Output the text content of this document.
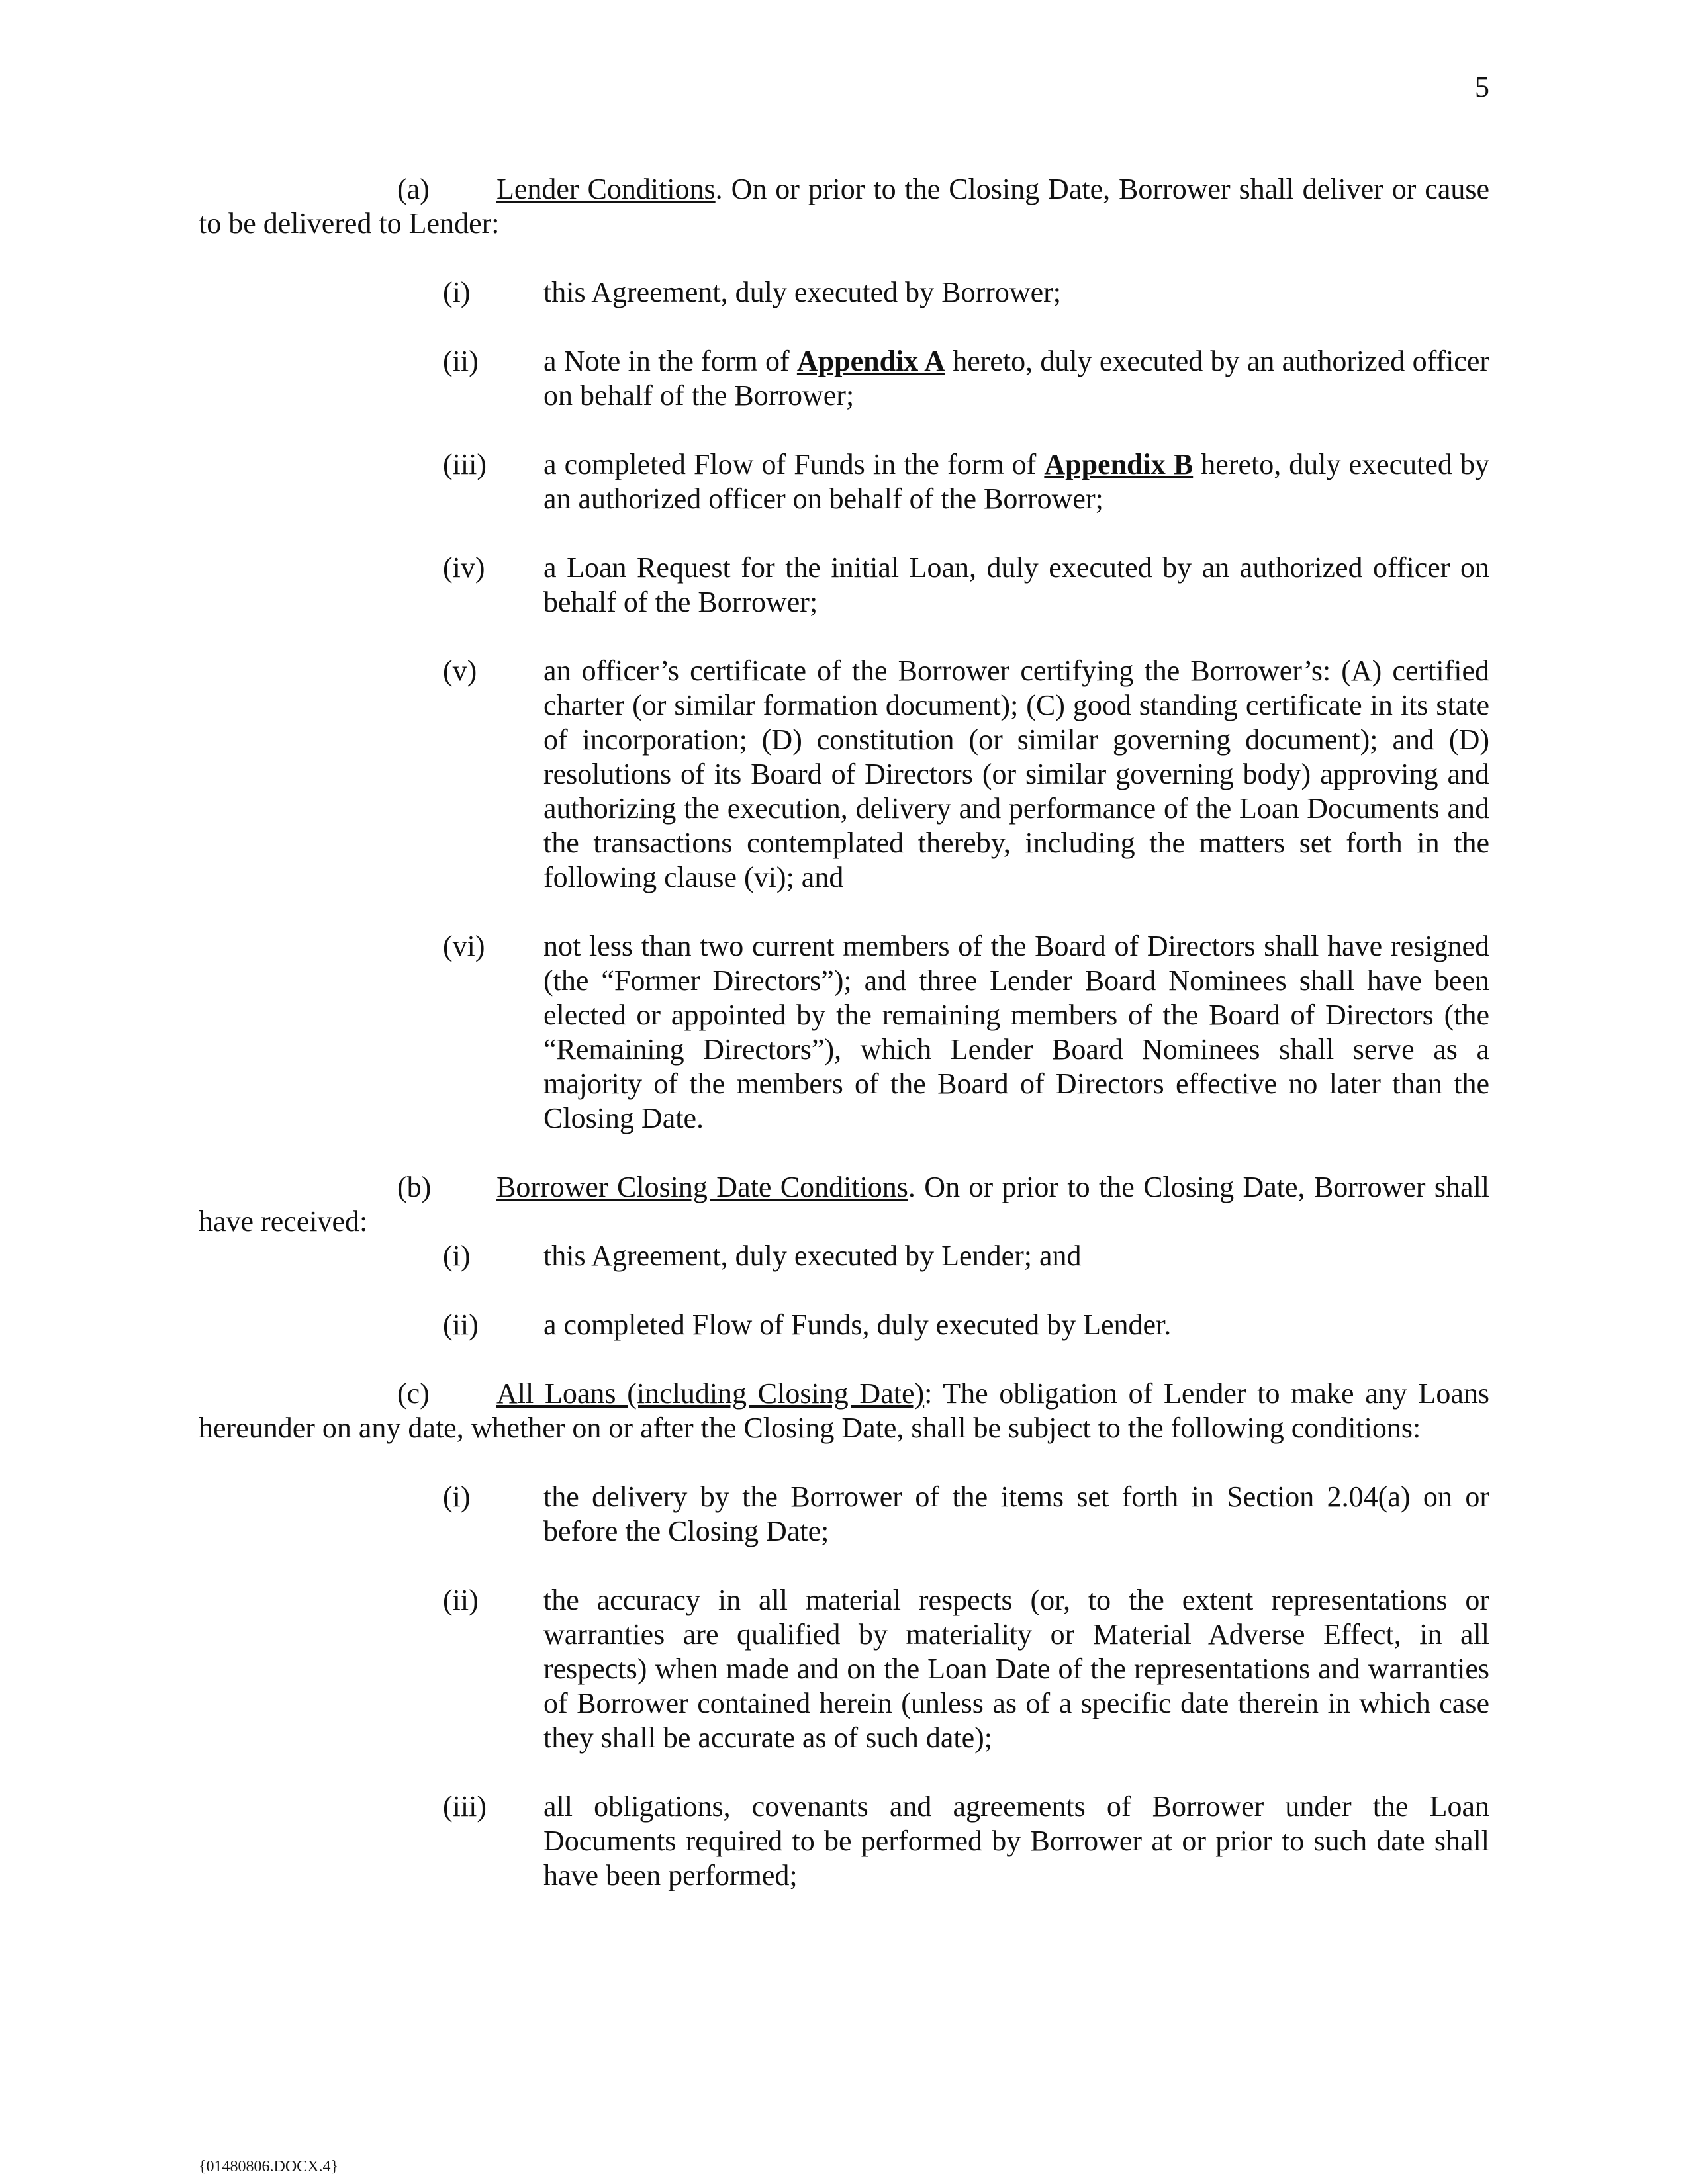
5

(a) Lender Conditions. On or prior to the Closing Date, Borrower shall deliver or cause to be delivered to Lender:

(i)	this Agreement, duly executed by Borrower;
(ii) a Note in the form of Appendix A hereto, duly executed by an authorized officer on behalf of the Borrower;
(iii) a completed Flow of Funds in the form of Appendix B hereto, duly executed by an authorized officer on behalf of the Borrower;
(iv) a Loan Request for the initial Loan, duly executed by an authorized officer on behalf of the Borrower;
(v) an officer’s certificate of the Borrower certifying the Borrower’s: (A) certified charter (or similar formation document); (C) good standing certificate in its state of incorporation; (D) constitution (or similar governing document); and (D) resolutions of its Board of Directors (or similar governing body) approving and authorizing the execution, delivery and performance of the Loan Documents and the transactions contemplated thereby, including the matters set forth in the following clause (vi); and
(vi) not less than two current members of the Board of Directors shall have resigned (the “Former Directors”); and three Lender Board Nominees shall have been elected or appointed by the remaining members of the Board of Directors (the “Remaining Directors”), which Lender Board Nominees shall serve as a majority of the members of the Board of Directors effective no later than the Closing Date.

(b) Borrower Closing Date Conditions. On or prior to the Closing Date, Borrower shall have received:

(i)	this Agreement, duly executed by Lender; and
(ii) a completed Flow of Funds, duly executed by Lender.

(c) All Loans (including Closing Date): The obligation of Lender to make any Loans hereunder on any date, whether on or after the Closing Date, shall be subject to the following conditions:

(i)	the delivery by the Borrower of the items set forth in Section 2.04(a) on or before the Closing Date;
(ii) the accuracy in all material respects (or, to the extent representations or warranties are qualified by materiality or Material Adverse Effect, in all respects) when made and on the Loan Date of the representations and warranties of Borrower contained herein (unless as of a specific date therein in which case they shall be accurate as of such date);
(iii) all obligations, covenants and agreements of Borrower under the Loan Documents required to be performed by Borrower at or prior to such date shall have been performed;
{01480806.DOCX.4}
